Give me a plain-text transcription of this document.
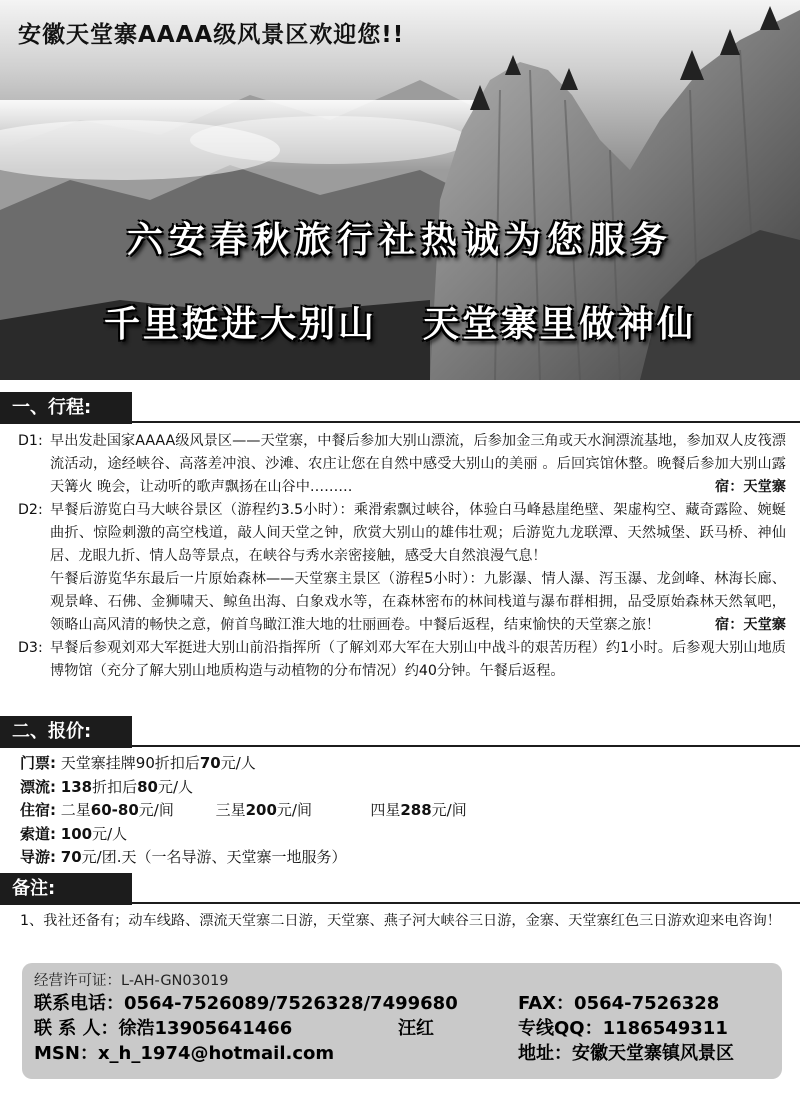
安徽天堂寨AAAA级风景区欢迎您!!
六安春秋旅行社热诚为您服务
千里挺进大别山 天堂寨里做神仙
一、行程:
D1: 早出发赴国家AAAA级风景区——天堂寨，中餐后参加大别山漂流，后参加金三角或天水涧漂流基地，参加双人皮筏漂流活动，途经峡谷、高落差冲浪、沙滩、农庄让您在自然中感受大别山的美丽 。后回宾馆休整。晚餐后参加大别山露天篝火 晚会，让动听的歌声飘扬在山谷中………	宿：天堂寨

D2: 早餐后游览白马大峡谷景区（游程约3.5小时）：乘滑索飘过峡谷，体验白马峰悬崖绝壁、架虚构空、藏奇露险、婉蜒曲折、惊险刺激的高空栈道，敲人间天堂之钟，欣赏大别山的雄伟壮观；后游览九龙联潭、天然城堡、跃马桥、神仙居、龙眼九折、情人岛等景点，在峡谷与秀水亲密接触，感受大自然浪漫气息！

午餐后游览华东最后一片原始森林——天堂寨主景区（游程5小时）：九影瀑、情人瀑、泻玉瀑、龙剑峰、林海长廊、观景峰、石佛、金狮啸天、鲸鱼出海、白象戏水等，在森林密布的林间栈道与瀑布群相拥，品受原始森林天然氧吧，领略山高风清的畅快之意，俯首鸟瞰江淮大地的壮丽画卷。中餐后返程，结束愉快的天堂寨之旅！	宿：天堂寨

D3: 早餐后参观刘邓大军挺进大别山前沿指挥所（了解刘邓大军在大别山中战斗的艰苦历程）约1小时。后参观大别山地质博物馆（充分了解大别山地质构造与动植物的分布情况）约40分钟。午餐后返程。

二、报价:
门票: 天堂寨挂牌90折扣后70元/人
漂流: 138折扣后80元/人
住宿: 二星60-80元/间	三星200元/间	四星288元/间
索道: 100元/人
导游: 70元/团.天（一名导游、天堂寨一地服务）
备注:
1、我社还备有；动车线路、漂流天堂寨二日游，天堂寨、燕子河大峡谷三日游，金寨、天堂寨红色三日游欢迎来电咨询！
经营许可证：L-AH-GN03019
联系电话：0564-7526089/7526328/7499680	FAX：0564-7526328
联 系 人：徐浩13905641466	汪红	专线QQ：1186549311
MSN：x_h_1974@hotmail.com	地址：安徽天堂寨镇风景区
